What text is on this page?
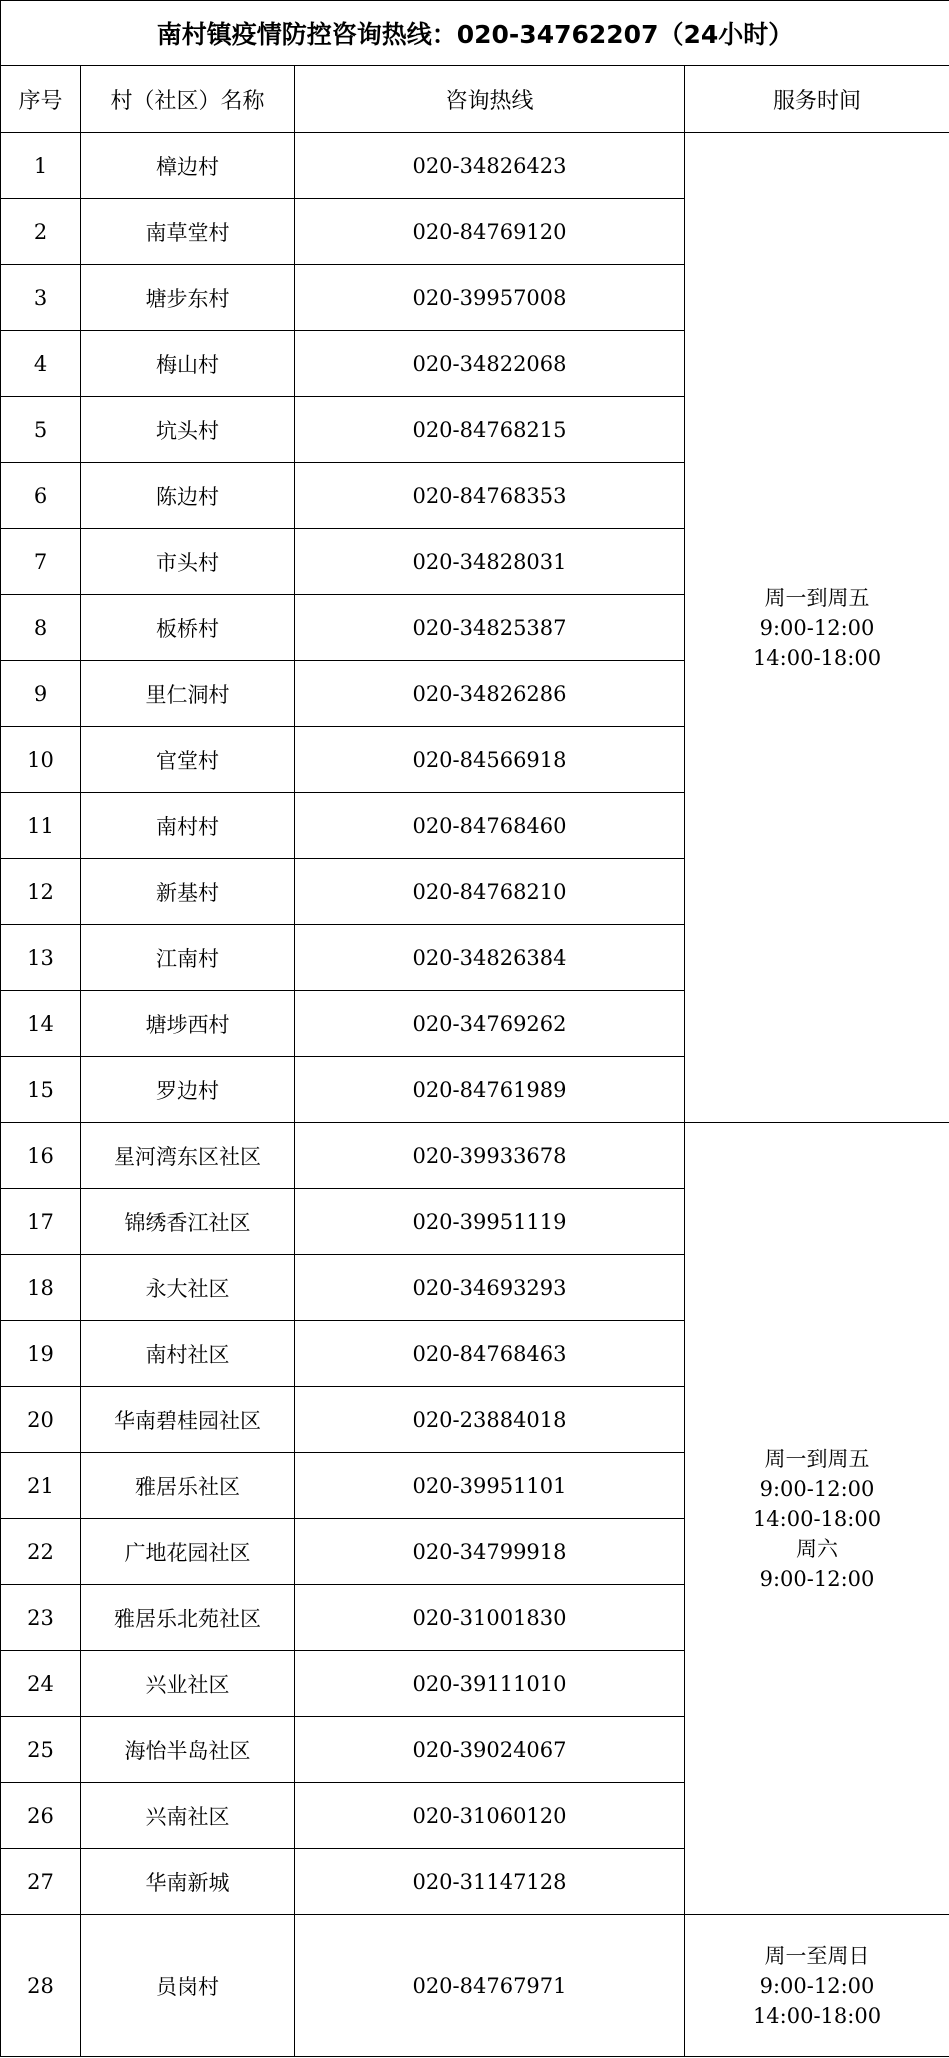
南村镇疫情防控咨询热线：020-34762207（24小时）			
序号	村（社区）名称	咨询热线	服务时间
1	樟边村	020-34826423	周一到周五
9:00-12:00
14:00-18:00

2	南草堂村	020-84769120	
3	塘步东村	020-39957008	
4	梅山村	020-34822068	
5	坑头村	020-84768215	
6	陈边村	020-84768353	
7	市头村	020-34828031	
8	板桥村	020-34825387	
9	里仁洞村	020-34826286	
10	官堂村	020-84566918	
11	南村村	020-84768460	
12	新基村	020-84768210	
13	江南村	020-34826384	
14	塘埗西村	020-34769262	
15	罗边村	020-84761989	
16	星河湾东区社区	020-39933678	周一到周五
9:00-12:00
14:00-18:00
周六
9:00-12:00

17	锦绣香江社区	020-39951119	
18	永大社区	020-34693293	
19	南村社区	020-84768463	
20	华南碧桂园社区	020-23884018	
21	雅居乐社区	020-39951101	
22	广地花园社区	020-34799918	
23	雅居乐北苑社区	020-31001830	
24	兴业社区	020-39111010	
25	海怡半岛社区	020-39024067	
26	兴南社区	020-31060120	
27	华南新城	020-31147128	
28	员岗村	020-84767971	周一至周日
9:00-12:00
14:00-18:00
